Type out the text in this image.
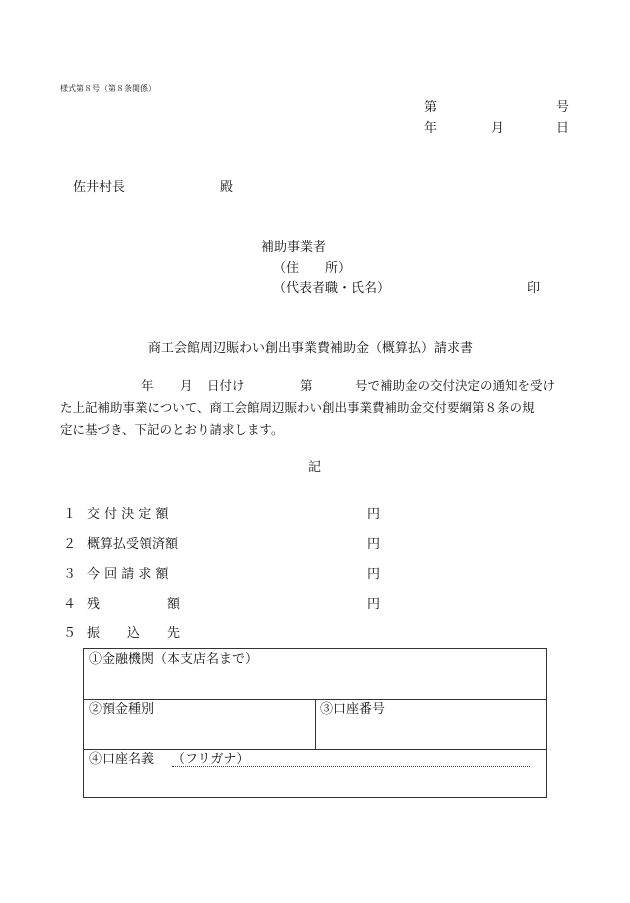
様式第８号（第８条関係）
第	号
年	月	日
佐井村長	殿
補助事業者
（住　　所）
（代表者職・氏名）	印
商工会館周辺賑わい創出事業費補助金（概算払）請求書
年 月 日付け	第	号で補助金の交付決定の通知を受け
た上記補助事業について、商工会館周辺賑わい創出事業費補助金交付要綱第８条の規
定に基づき、下記のとおり請求します。
記
１ 交 付 決 定 額	円
２ 概算払受領済額	円
３ 今 回 請 求 額	円
４ 残	額	円
５ 振 込 先
①金融機関（本支店名まで）
②預金種別	③口座番号
④口座名義 （フリガナ）
